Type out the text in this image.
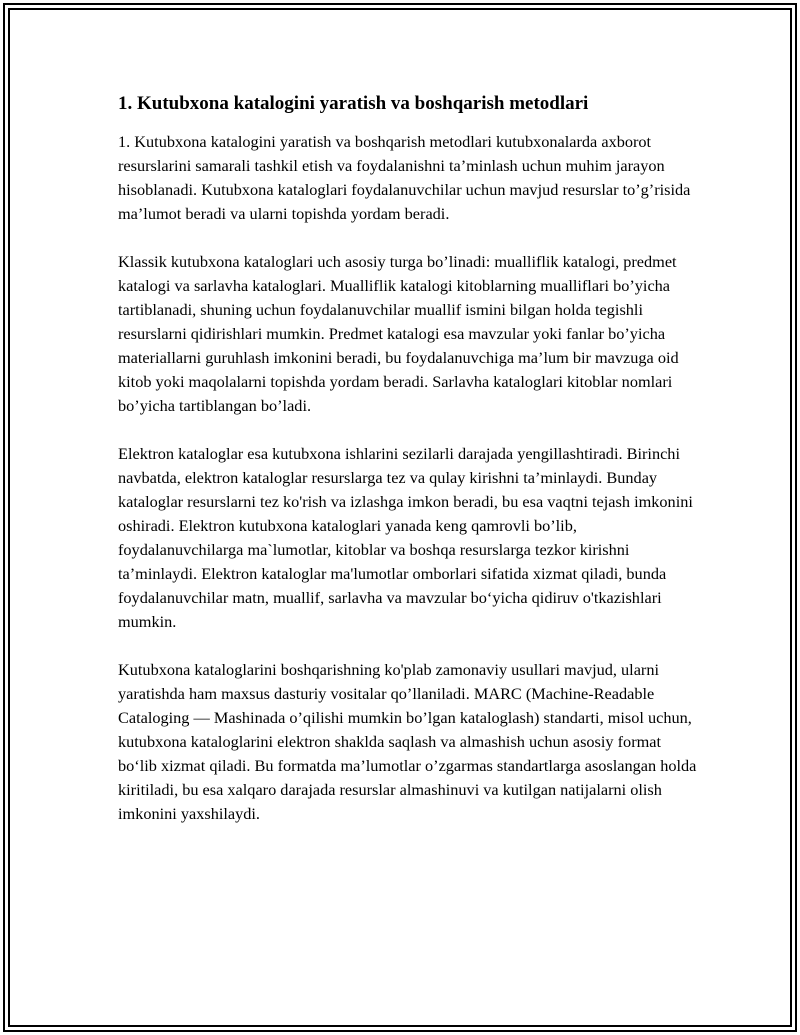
1. Kutubxona katalogini yaratish va boshqarish metodlari

1. Kutubxona katalogini yaratish va boshqarish metodlari kutubxonalarda axborot resurslarini samarali tashkil etish va foydalanishni ta’minlash uchun muhim jarayon hisoblanadi. Kutubxona kataloglari foydalanuvchilar uchun mavjud resurslar to’g’risida ma’lumot beradi va ularni topishda yordam beradi.

Klassik kutubxona kataloglari uch asosiy turga bo’linadi: mualliflik katalogi, predmet katalogi va sarlavha kataloglari. Mualliflik katalogi kitoblarning mualliflari bo’yicha tartiblanadi, shuning uchun foydalanuvchilar muallif ismini bilgan holda tegishli resurslarni qidirishlari mumkin. Predmet katalogi esa mavzular yoki fanlar bo’yicha materiallarni guruhlash imkonini beradi, bu foydalanuvchiga ma’lum bir mavzuga oid kitob yoki maqolalarni topishda yordam beradi. Sarlavha kataloglari kitoblar nomlari bo’yicha tartiblangan bo’ladi.

Elektron kataloglar esa kutubxona ishlarini sezilarli darajada yengillashtiradi. Birinchi navbatda, elektron kataloglar resurslarga tez va qulay kirishni ta’minlaydi. Bunday kataloglar resurslarni tez ko'rish va izlashga imkon beradi, bu esa vaqtni tejash imkonini oshiradi. Elektron kutubxona kataloglari yanada keng qamrovli bo’lib, foydalanuvchilarga ma`lumotlar, kitoblar va boshqa resurslarga tezkor kirishni ta’minlaydi. Elektron kataloglar ma'lumotlar omborlari sifatida xizmat qiladi, bunda foydalanuvchilar matn, muallif, sarlavha va mavzular bo‘yicha qidiruv o'tkazishlari mumkin.

Kutubxona kataloglarini boshqarishning ko'plab zamonaviy usullari mavjud, ularni yaratishda ham maxsus dasturiy vositalar qo’llaniladi. MARC (Machine-Readable Cataloging — Mashinada o’qilishi mumkin bo’lgan kataloglash) standarti, misol uchun, kutubxona kataloglarini elektron shaklda saqlash va almashish uchun asosiy format bo‘lib xizmat qiladi. Bu formatda ma’lumotlar o’zgarmas standartlarga asoslangan holda kiritiladi, bu esa xalqaro darajada resurslar almashinuvi va kutilgan natijalarni olish imkonini yaxshilaydi.
